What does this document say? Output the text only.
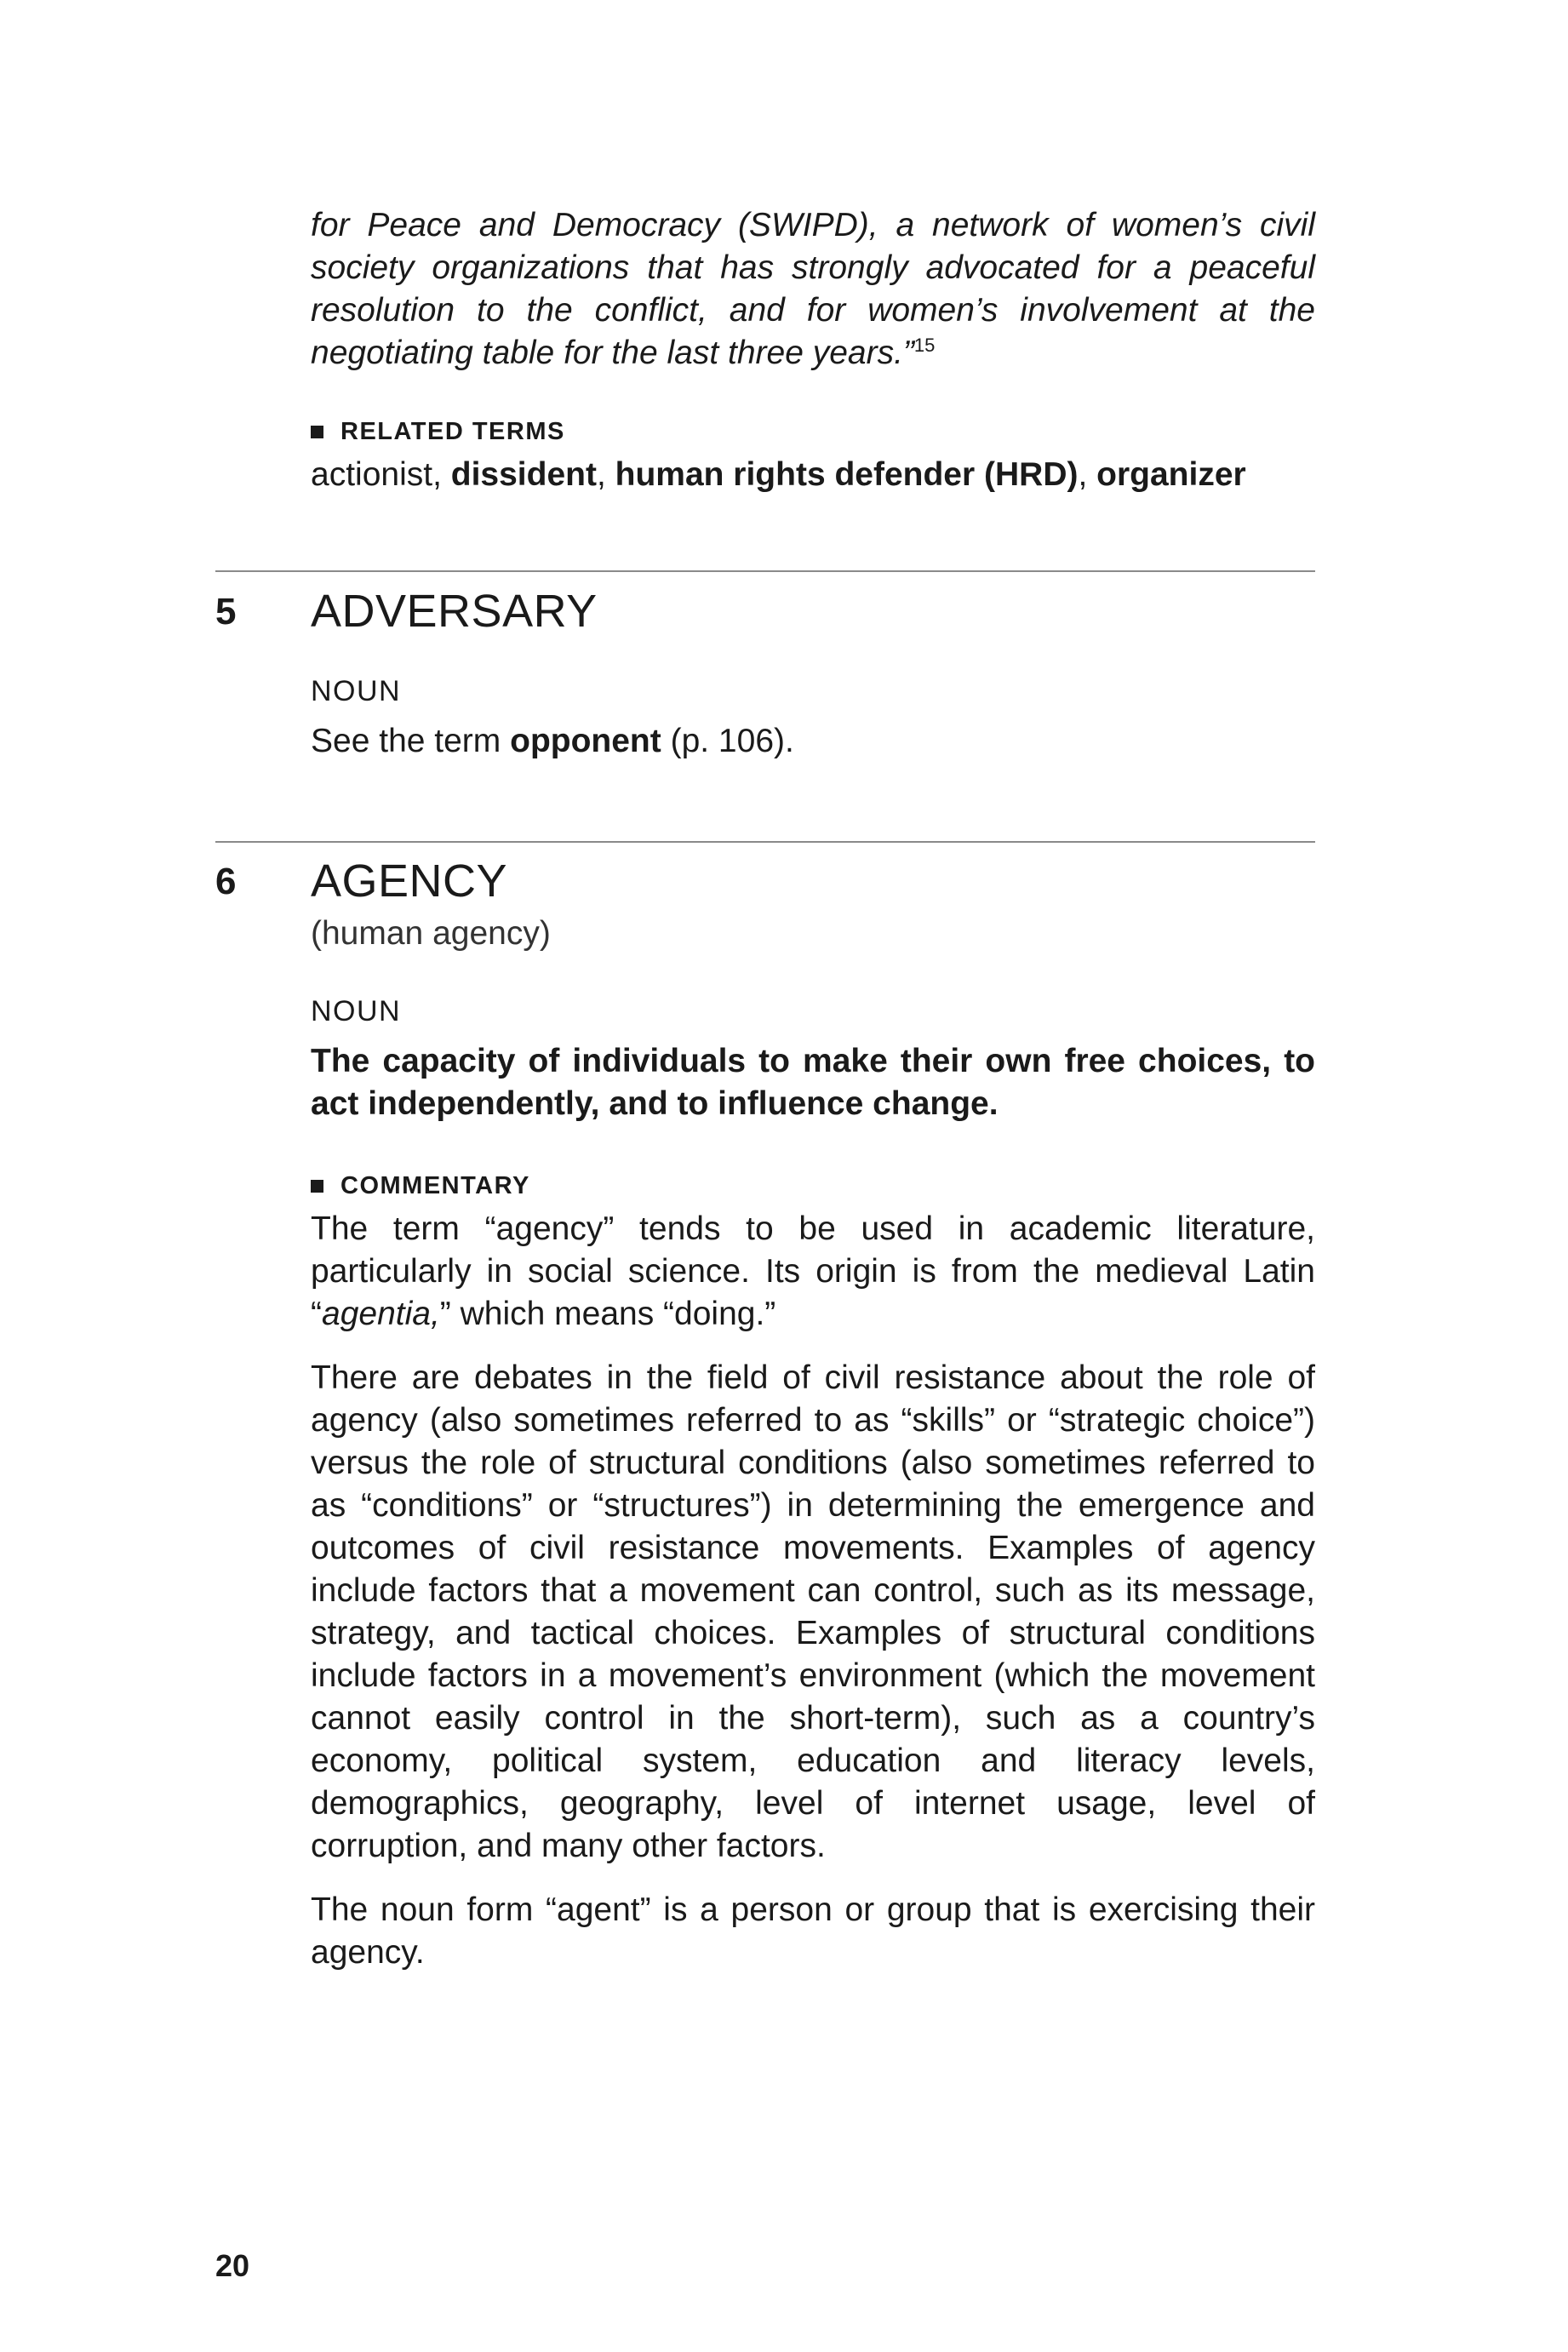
for Peace and Democracy (SWIPD), a network of women’s civil society organizations that has strongly advocated for a peaceful resolution to the conflict, and for women’s involvement at the negotiating table for the last three years.”$^{15}$
RELATED TERMS
actionist, dissident, human rights defender (HRD), organizer
5	ADVERSARY
NOUN
See the term opponent (p. 106).
6	AGENCY
(human agency)
NOUN
The capacity of individuals to make their own free choices, to act independently, and to influence change.
COMMENTARY
The term “agency” tends to be used in academic literature, particularly in social science. Its origin is from the medieval Latin “agentia,” which means “doing.”
There are debates in the field of civil resistance about the role of agency (also sometimes referred to as “skills” or “strategic choice”) versus the role of structural conditions (also sometimes referred to as “conditions” or “structures”) in determining the emergence and outcomes of civil resistance movements. Examples of agency include factors that a movement can control, such as its message, strategy, and tactical choices. Examples of structural conditions include factors in a movement’s environment (which the movement cannot easily control in the short-term), such as a country’s economy, political system, education and literacy levels, demographics, geography, level of internet usage, level of corruption, and many other factors.
The noun form “agent” is a person or group that is exercising their agency.
20
